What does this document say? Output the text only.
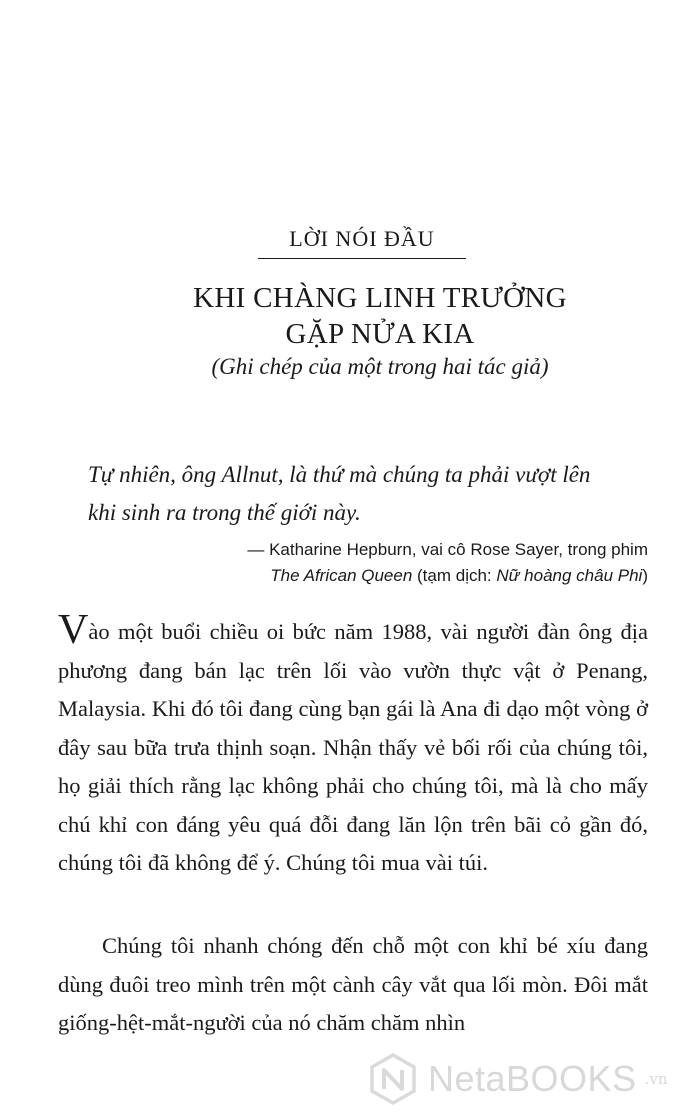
LỜI NÓI ĐẦU
KHI CHÀNG LINH TRƯỞNG
GẶP NỬA KIA
(Ghi chép của một trong hai tác giả)
Tự nhiên, ông Allnut, là thứ mà chúng ta phải vượt lên
khi sinh ra trong thế giới này.
— Katharine Hepburn, vai cô Rose Sayer, trong phim
The African Queen (tạm dịch: Nữ hoàng châu Phi)

Vào một buổi chiều oi bức năm 1988, vài người đàn ông địa phương đang bán lạc trên lối vào vườn thực vật ở Penang, Malaysia. Khi đó tôi đang cùng bạn gái là Ana đi dạo một vòng ở đây sau bữa trưa thịnh soạn. Nhận thấy vẻ bối rối của chúng tôi, họ giải thích rằng lạc không phải cho chúng tôi, mà là cho mấy chú khỉ con đáng yêu quá đỗi đang lăn lộn trên bãi cỏ gần đó, chúng tôi đã không để ý. Chúng tôi mua vài túi.

Chúng tôi nhanh chóng đến chỗ một con khỉ bé xíu đang dùng đuôi treo mình trên một cành cây vắt qua lối mòn. Đôi mắt giống-hệt-mắt-người của nó chăm chăm nhìn

NetaBOOKS .vn
